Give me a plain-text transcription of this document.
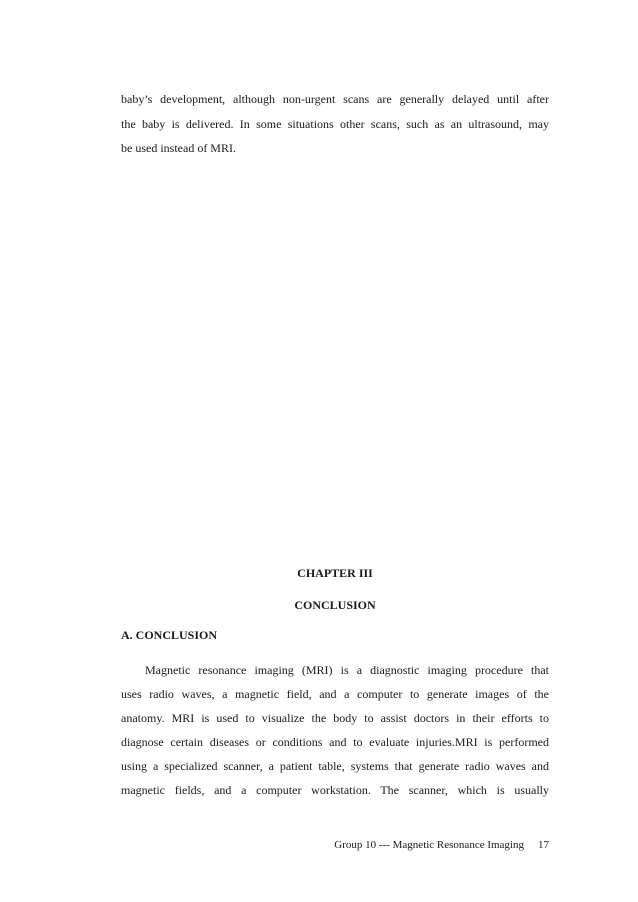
baby’s development, although non-urgent scans are generally delayed until after
the baby is delivered. In some situations other scans, such as an ultrasound, may
be used instead of MRI.
CHAPTER III
CONCLUSION
A. CONCLUSION
Magnetic resonance imaging (MRI) is a diagnostic imaging procedure that
uses radio waves, a magnetic field, and a computer to generate images of the
anatomy. MRI is used to visualize the body to assist doctors in their efforts to
diagnose certain diseases or conditions and to evaluate injuries.MRI is performed
using a specialized scanner, a patient table, systems that generate radio waves and
magnetic fields, and a computer workstation. The scanner, which is usually
Group 10 --- Magnetic Resonance Imaging 17
